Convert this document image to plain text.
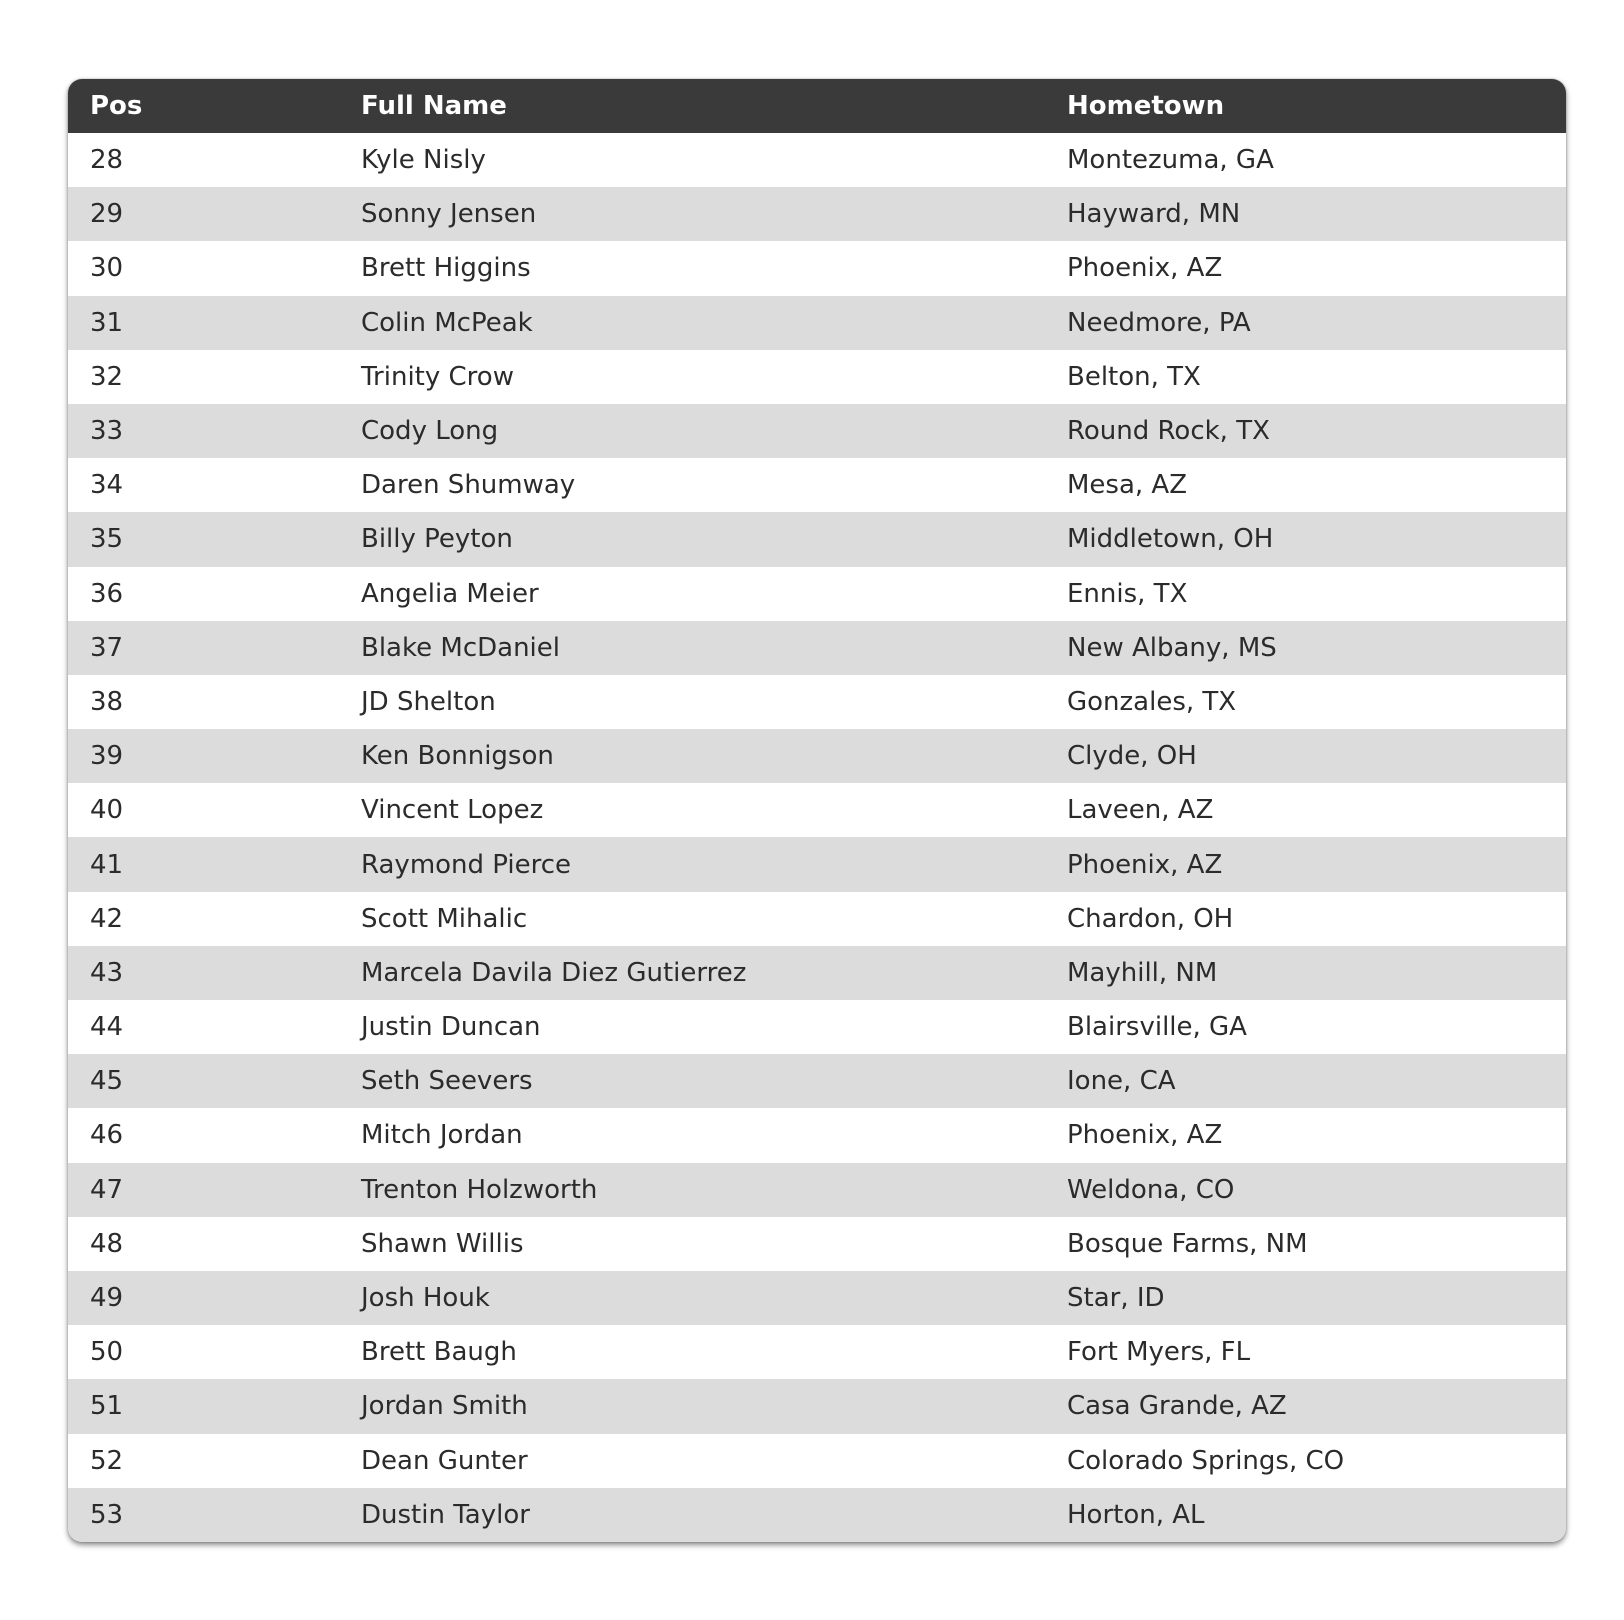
Pos	Full Name	Hometown
28	Kyle Nisly	Montezuma, GA
29	Sonny Jensen	Hayward, MN
30	Brett Higgins	Phoenix, AZ
31	Colin McPeak	Needmore, PA
32	Trinity Crow	Belton, TX
33	Cody Long	Round Rock, TX
34	Daren Shumway	Mesa, AZ
35	Billy Peyton	Middletown, OH
36	Angelia Meier	Ennis, TX
37	Blake McDaniel	New Albany, MS
38	JD Shelton	Gonzales, TX
39	Ken Bonnigson	Clyde, OH
40	Vincent Lopez	Laveen, AZ
41	Raymond Pierce	Phoenix, AZ
42	Scott Mihalic	Chardon, OH
43	Marcela Davila Diez Gutierrez	Mayhill, NM
44	Justin Duncan	Blairsville, GA
45	Seth Seevers	Ione, CA
46	Mitch Jordan	Phoenix, AZ
47	Trenton Holzworth	Weldona, CO
48	Shawn Willis	Bosque Farms, NM
49	Josh Houk	Star, ID
50	Brett Baugh	Fort Myers, FL
51	Jordan Smith	Casa Grande, AZ
52	Dean Gunter	Colorado Springs, CO
53	Dustin Taylor	Horton, AL
